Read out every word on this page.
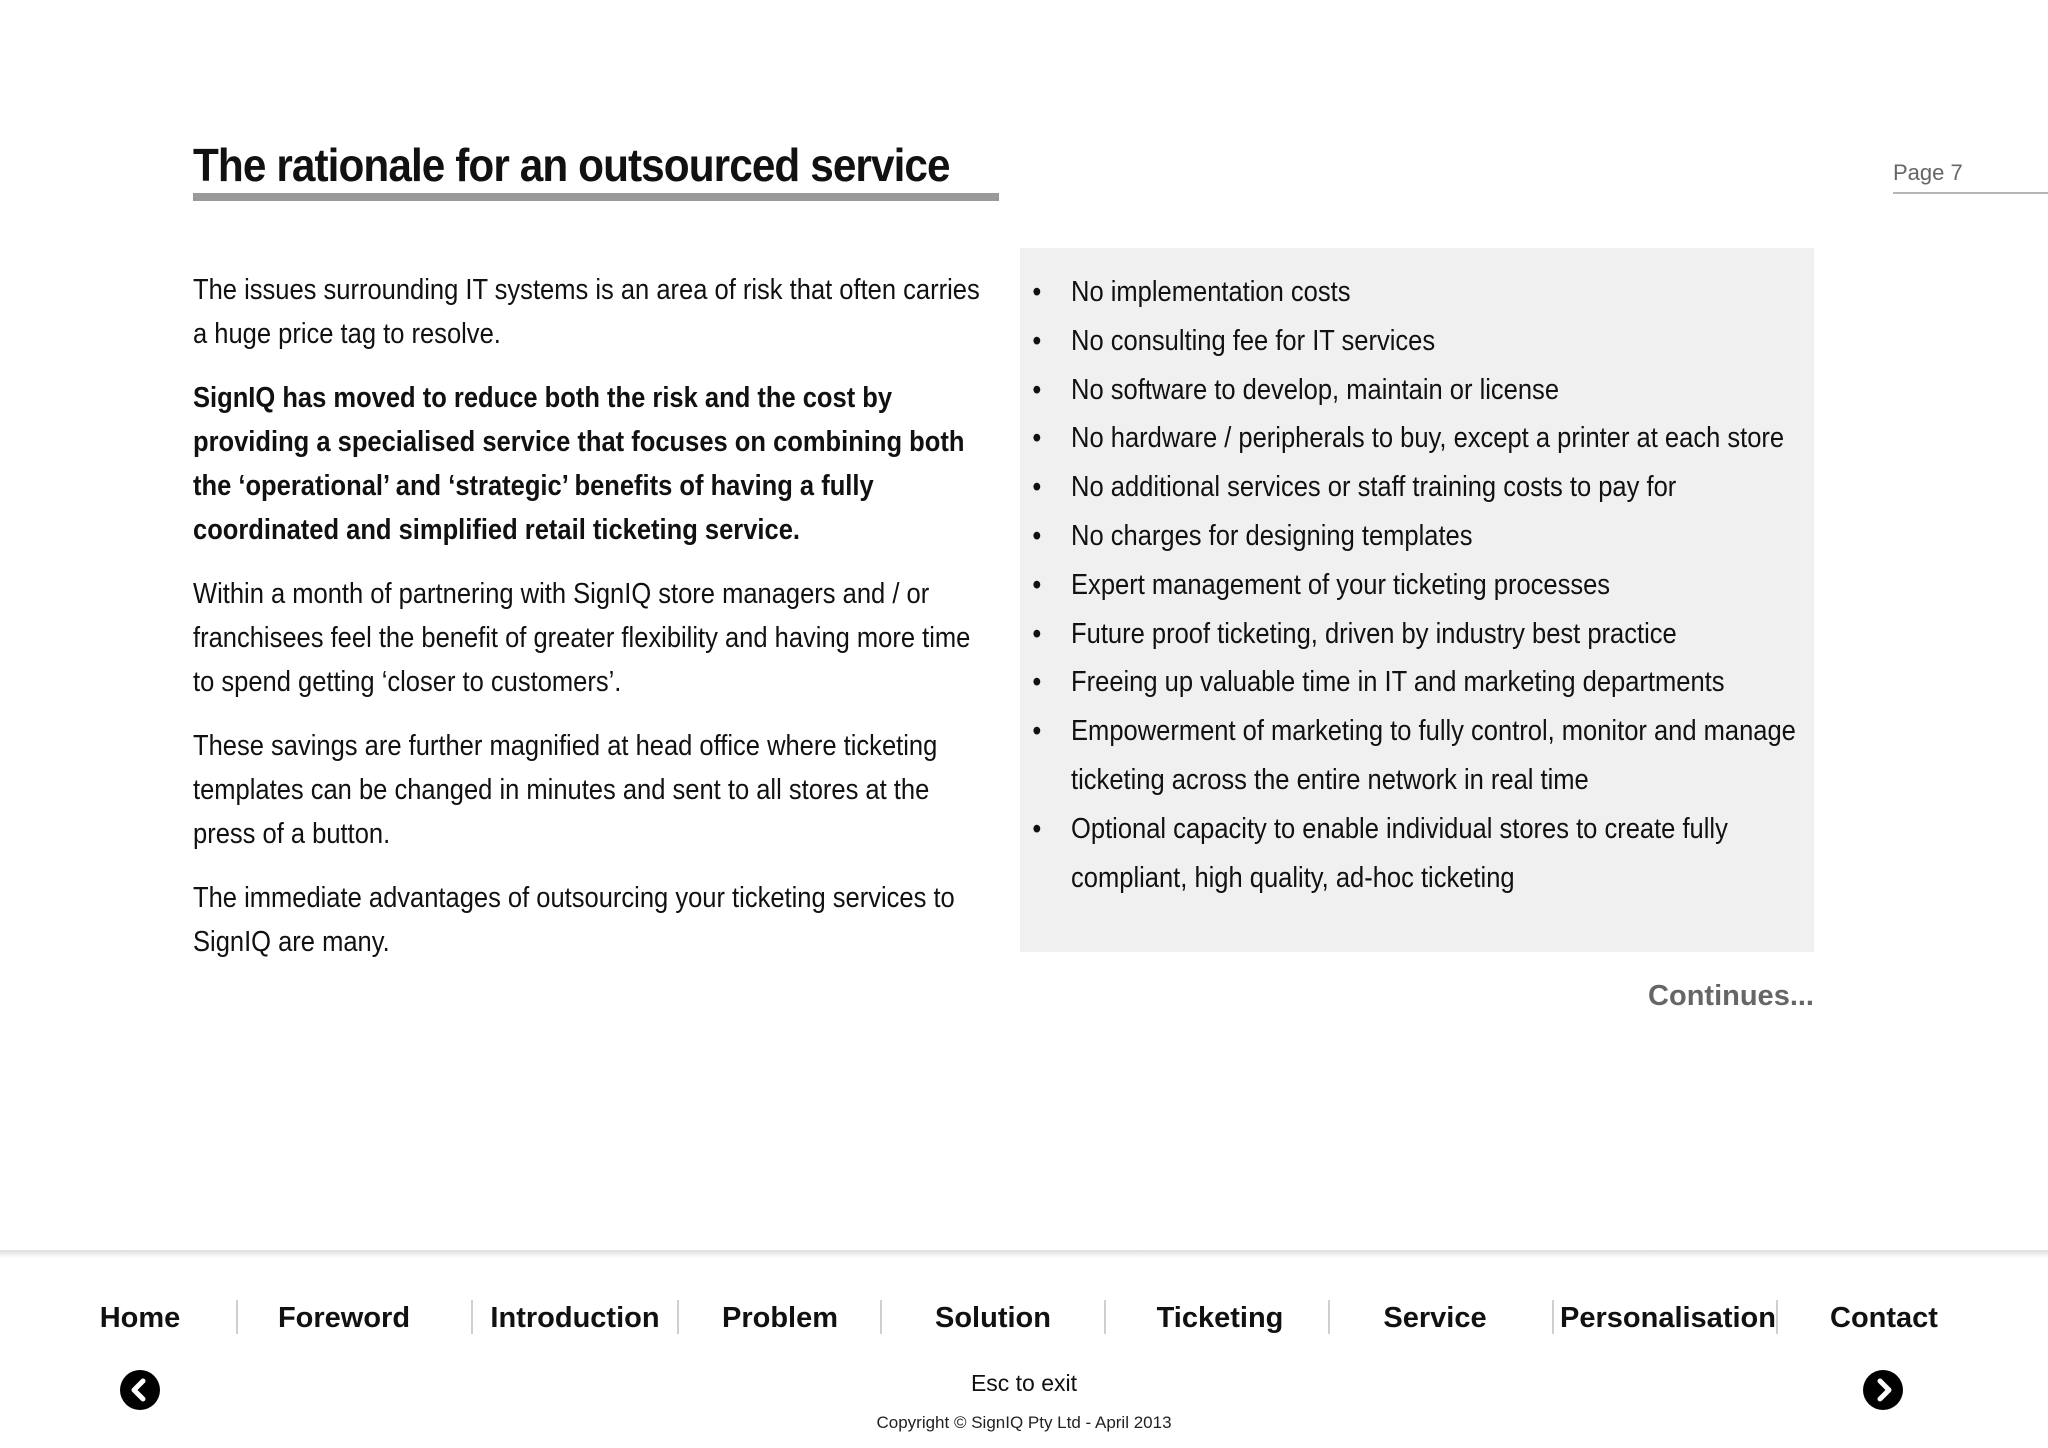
The rationale for an outsourced service	Page 7

The issues surrounding IT systems is an area of risk that often carries a huge price tag to resolve.

SignIQ has moved to reduce both the risk and the cost by providing a specialised service that focuses on combining both the ‘operational’ and ‘strategic’ benefits of having a fully coordinated and simplified retail ticketing service.

Within a month of partnering with SignIQ store managers and / or franchisees feel the benefit of greater flexibility and having more time to spend getting ‘closer to customers’.

These savings are further magnified at head office where ticketing templates can be changed in minutes and sent to all stores at the press of a button.

The immediate advantages of outsourcing your ticketing services to SignIQ are many.

• No implementation costs
• No consulting fee for IT services
• No software to develop, maintain or license
• No hardware / peripherals to buy, except a printer at each store
• No additional services or staff training costs to pay for
• No charges for designing templates
• Expert management of your ticketing processes
• Future proof ticketing, driven by industry best practice
• Freeing up valuable time in IT and marketing departments
• Empowerment of marketing to fully control, monitor and manage ticketing across the entire network in real time
• Optional capacity to enable individual stores to create fully compliant, high quality, ad-hoc ticketing
Continues...
Home	Foreword	Introduction	Problem	Solution	Ticketing	Service	Personalisation	Contact
Esc to exit
Copyright © SignIQ Pty Ltd - April 2013
